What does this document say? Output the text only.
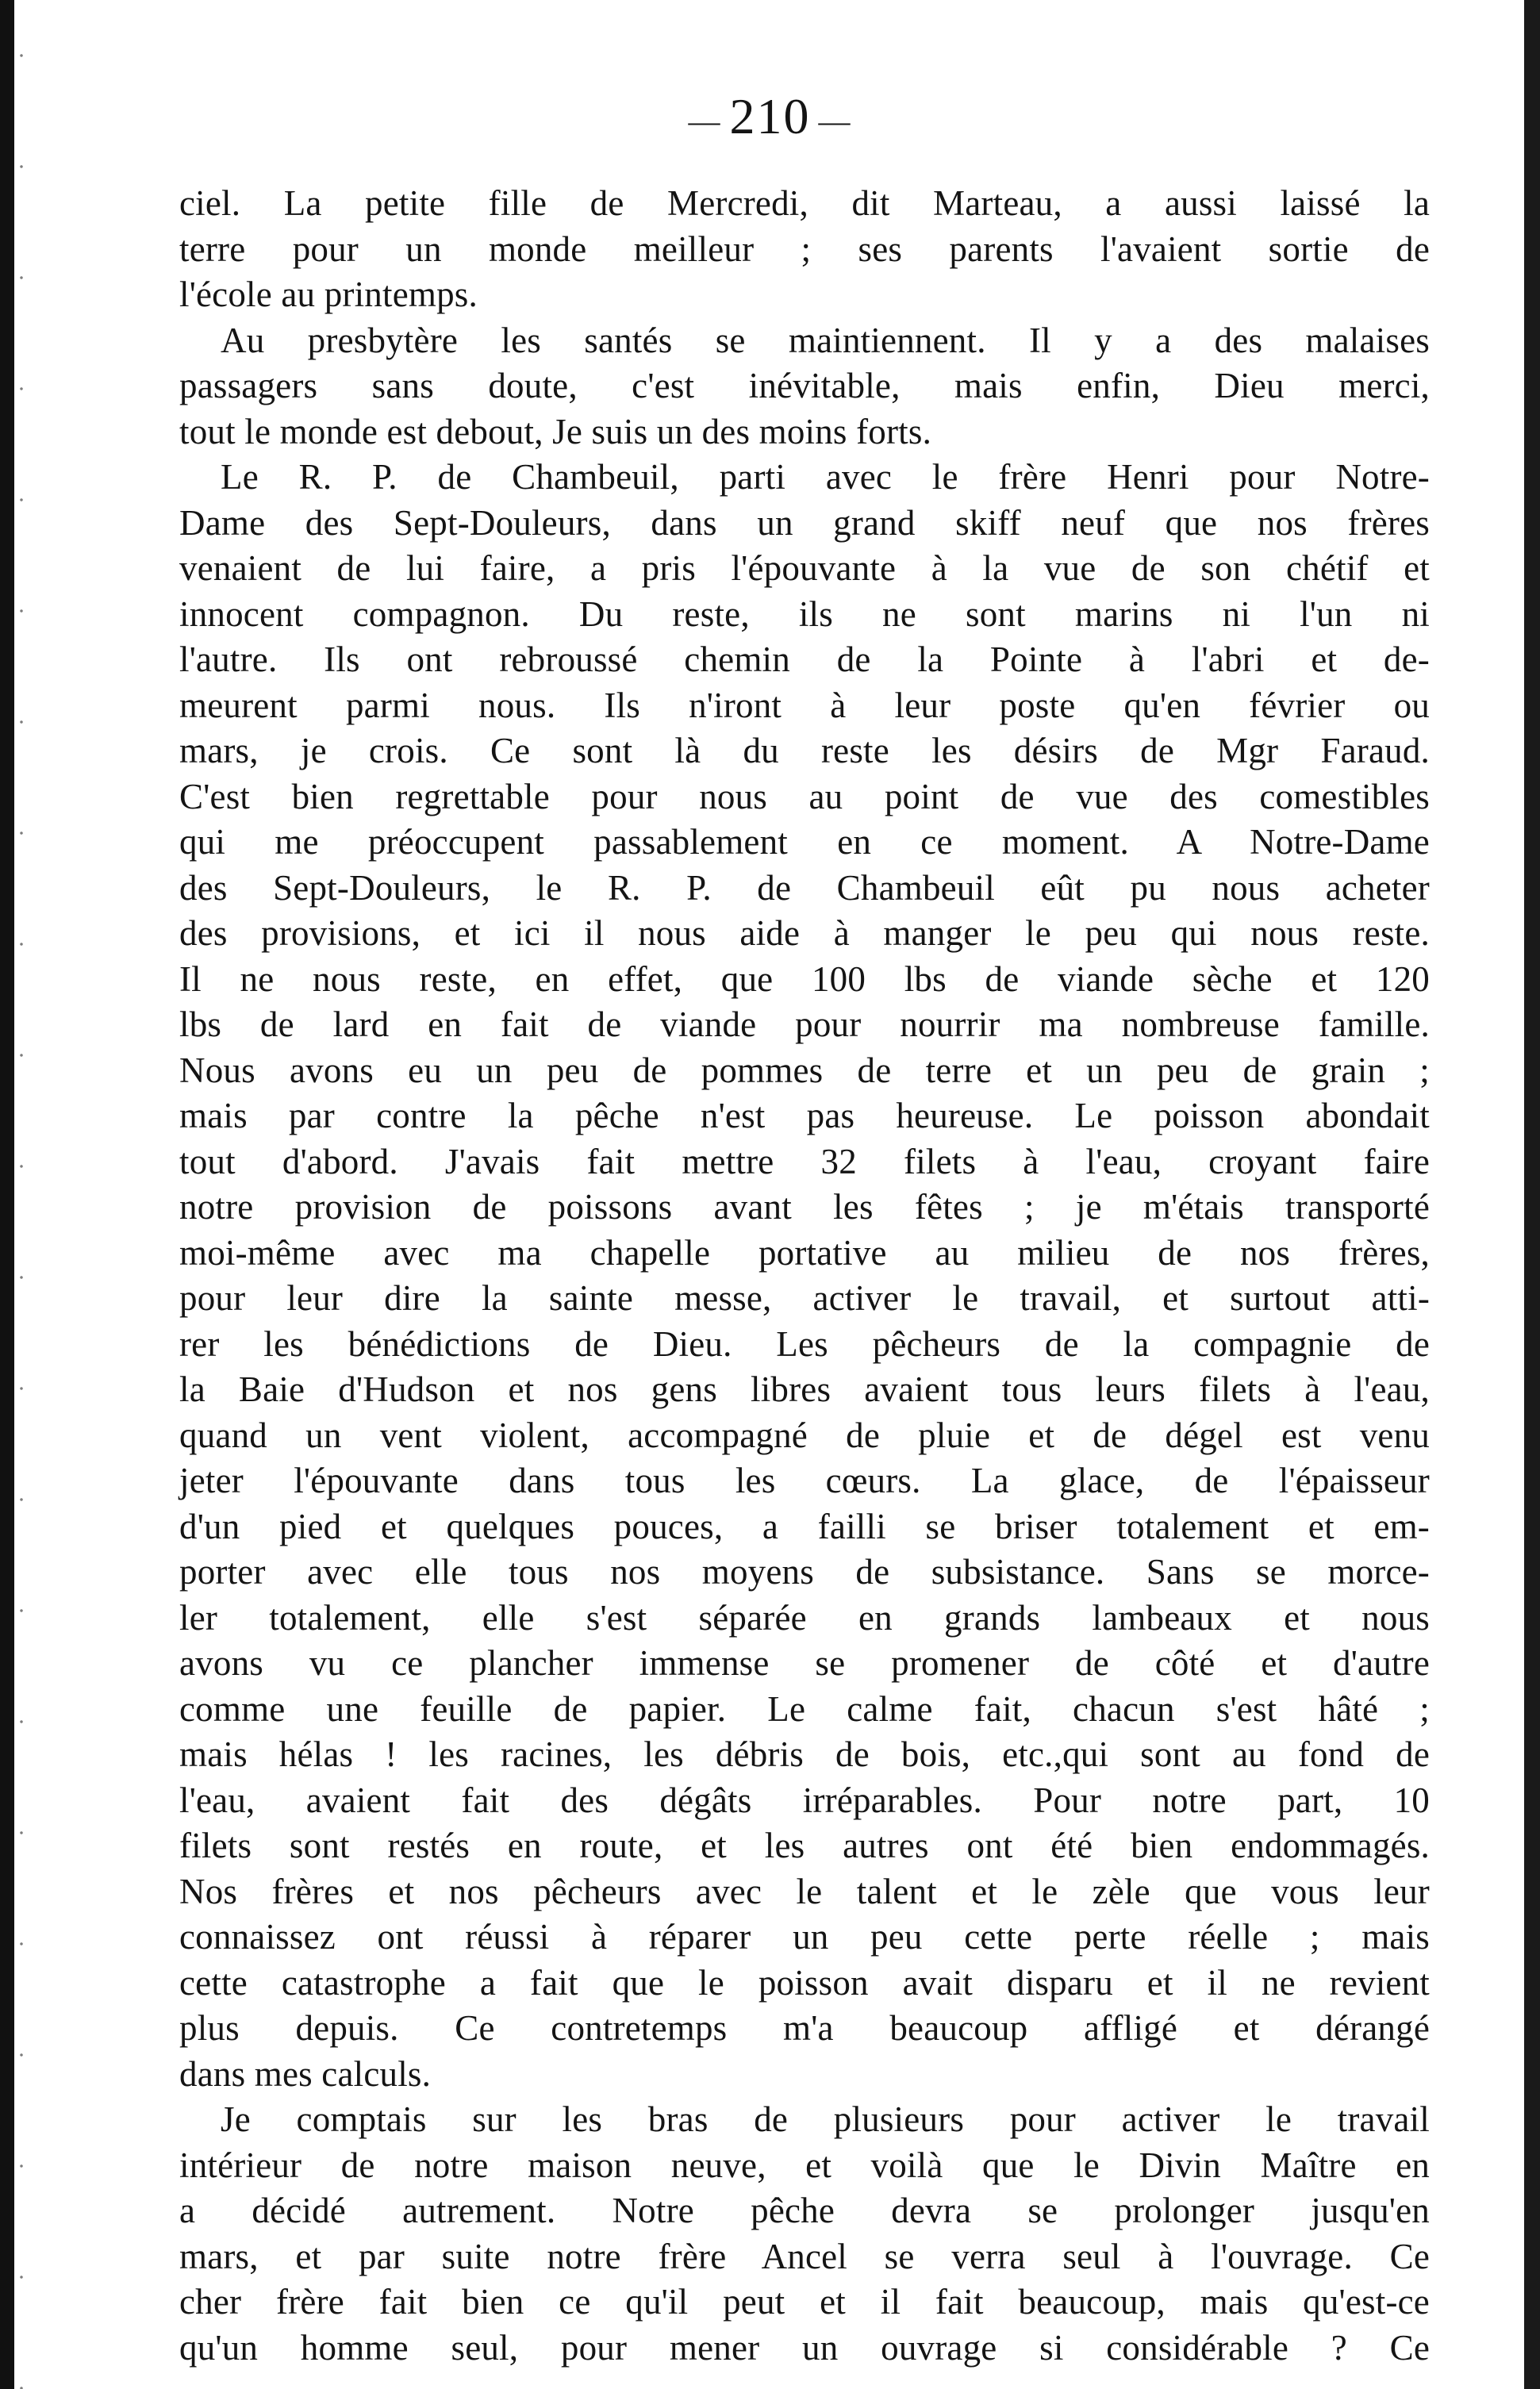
— 210 —
ciel. La petite fille de Mercredi, dit Marteau, a aussi laissé la
terre pour un monde meilleur ; ses parents l'avaient sortie de
l'école au printemps.
Au presbytère les santés se maintiennent. Il y a des malaises
passagers sans doute, c'est inévitable, mais enfin, Dieu merci,
tout le monde est debout, Je suis un des moins forts.
Le R. P. de Chambeuil, parti avec le frère Henri pour Notre-
Dame des Sept-Douleurs, dans un grand skiff neuf que nos frères
venaient de lui faire, a pris l'épouvante à la vue de son chétif et
innocent compagnon. Du reste, ils ne sont marins ni l'un ni
l'autre. Ils ont rebroussé chemin de la Pointe à l'abri et de-
meurent parmi nous. Ils n'iront à leur poste qu'en février ou
mars, je crois. Ce sont là du reste les désirs de Mgr Faraud.
C'est bien regrettable pour nous au point de vue des comestibles
qui me préoccupent passablement en ce moment. A Notre-Dame
des Sept-Douleurs, le R. P. de Chambeuil eût pu nous acheter
des provisions, et ici il nous aide à manger le peu qui nous reste.
Il ne nous reste, en effet, que 100 lbs de viande sèche et 120
lbs de lard en fait de viande pour nourrir ma nombreuse famille.
Nous avons eu un peu de pommes de terre et un peu de grain ;
mais par contre la pêche n'est pas heureuse. Le poisson abondait
tout d'abord. J'avais fait mettre 32 filets à l'eau, croyant faire
notre provision de poissons avant les fêtes ; je m'étais transporté
moi-même avec ma chapelle portative au milieu de nos frères,
pour leur dire la sainte messe, activer le travail, et surtout atti-
rer les bénédictions de Dieu. Les pêcheurs de la compagnie de
la Baie d'Hudson et nos gens libres avaient tous leurs filets à l'eau,
quand un vent violent, accompagné de pluie et de dégel est venu
jeter l'épouvante dans tous les cœurs. La glace, de l'épaisseur
d'un pied et quelques pouces, a failli se briser totalement et em-
porter avec elle tous nos moyens de subsistance. Sans se morce-
ler totalement, elle s'est séparée en grands lambeaux et nous
avons vu ce plancher immense se promener de côté et d'autre
comme une feuille de papier. Le calme fait, chacun s'est hâté ;
mais hélas ! les racines, les débris de bois, etc.,qui sont au fond de
l'eau, avaient fait des dégâts irréparables. Pour notre part, 10
filets sont restés en route, et les autres ont été bien endommagés.
Nos frères et nos pêcheurs avec le talent et le zèle que vous leur
connaissez ont réussi à réparer un peu cette perte réelle ; mais
cette catastrophe a fait que le poisson avait disparu et il ne revient
plus depuis. Ce contretemps m'a beaucoup affligé et dérangé
dans mes calculs.
Je comptais sur les bras de plusieurs pour activer le travail
intérieur de notre maison neuve, et voilà que le Divin Maître en
a décidé autrement. Notre pêche devra se prolonger jusqu'en
mars, et par suite notre frère Ancel se verra seul à l'ouvrage. Ce
cher frère fait bien ce qu'il peut et il fait beaucoup, mais qu'est-ce
qu'un homme seul, pour mener un ouvrage si considérable ? Ce
